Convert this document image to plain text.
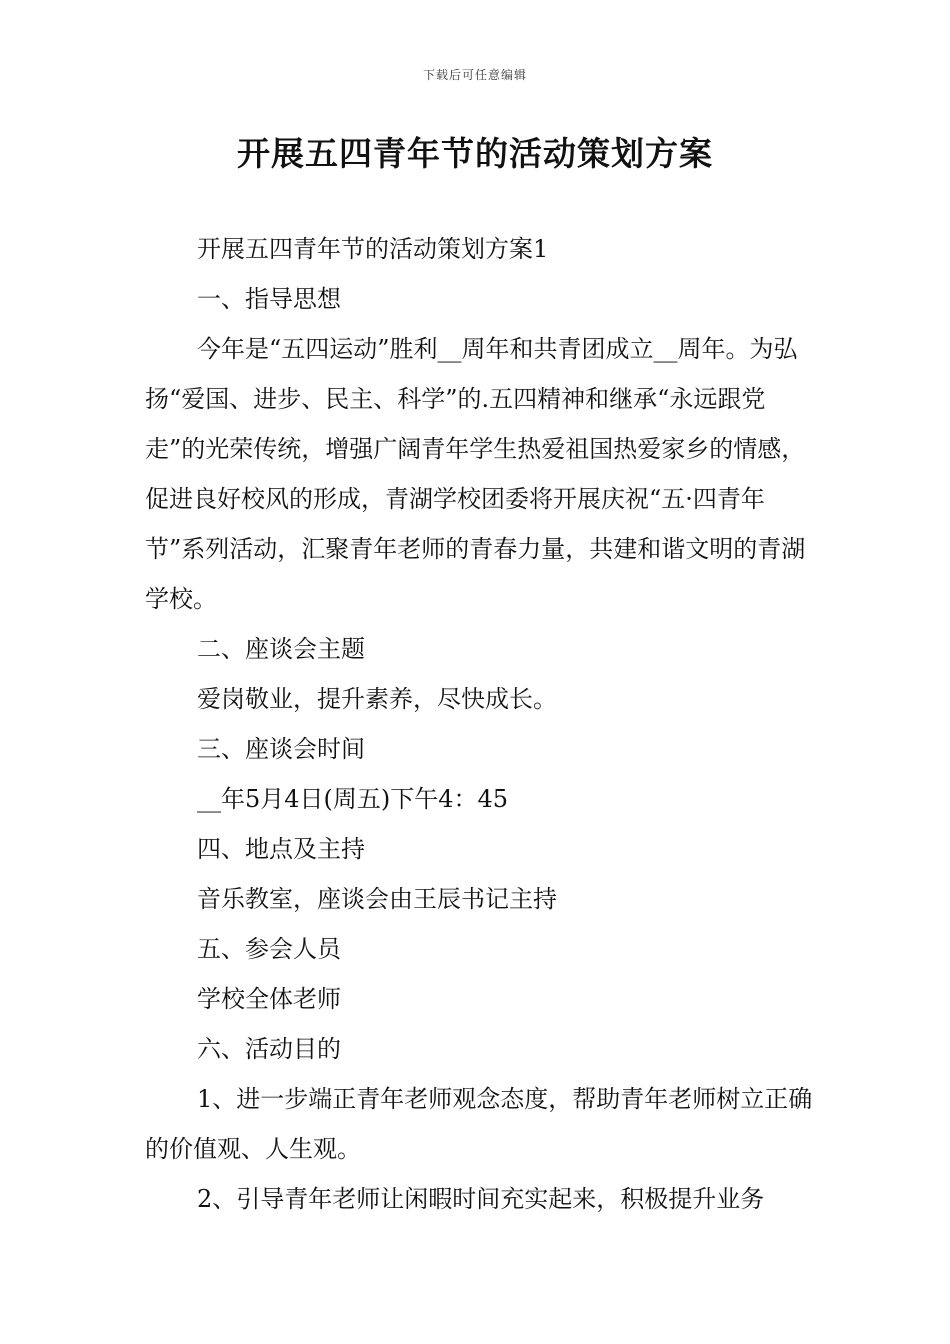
下载后可任意编辑
开展五四青年节的活动策划方案

开展五四青年节的活动策划方案1

一、指导思想

今年是“五四运动”胜利__周年和共青团成立__周年。为弘扬“爱国、进步、民主、科学”的.五四精神和继承“永远跟党走”的光荣传统，增强广阔青年学生热爱祖国热爱家乡的情感，促进良好校风的形成，青湖学校团委将开展庆祝“五·四青年节”系列活动，汇聚青年老师的青春力量，共建和谐文明的青湖学校。

二、座谈会主题

爱岗敬业，提升素养，尽快成长。

三、座谈会时间

__年5月4日(周五)下午4：45

四、地点及主持

音乐教室，座谈会由王辰书记主持

五、参会人员

学校全体老师

六、活动目的

1、进一步端正青年老师观念态度，帮助青年老师树立正确的价值观、人生观。

2、引导青年老师让闲暇时间充实起来，积极提升业务
